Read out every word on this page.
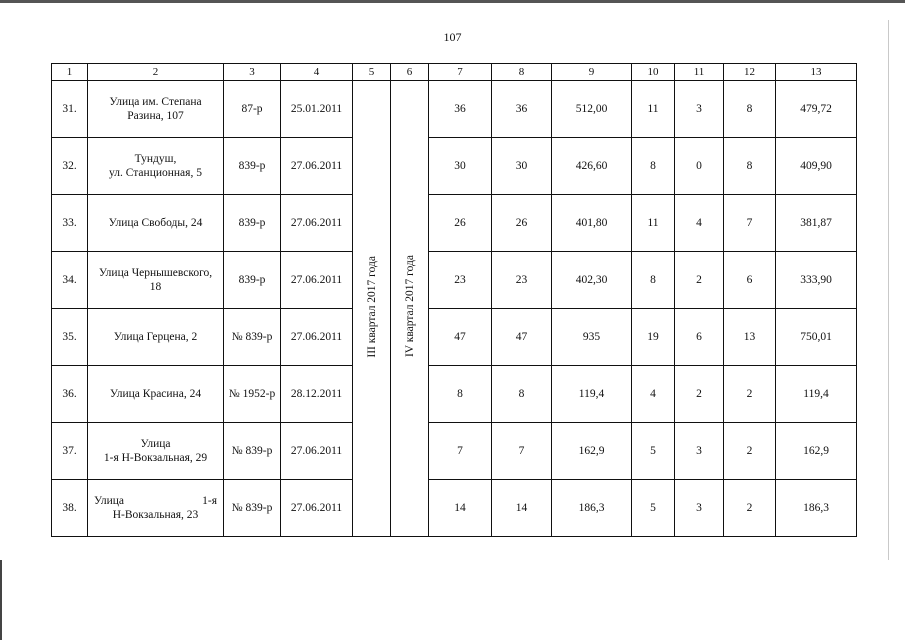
107
1	2	3	4	5	6	7	8	9	10	11	12	13
31.	Улица им. Степана
Разина, 107	87-р	25.01.2011	III квартал 2017 года	IV квартал 2017 года	36	36	512,00	11	3	8	479,72
32.	Тундуш,
ул. Станционная, 5	839-р	27.06.2011			30	30	426,60	8	0	8	409,90
33.	Улица Свободы, 24	839-р	27.06.2011			26	26	401,80	11	4	7	381,87
34.	Улица Чернышевского,
18	839-р	27.06.2011			23	23	402,30	8	2	6	333,90
35.	Улица Герцена, 2	№ 839-р	27.06.2011			47	47	935	19	6	13	750,01
36.	Улица Красина, 24	№ 1952-р	28.12.2011			8	8	119,4	4	2	2	119,4
37.	Улица
1-я Н-Вокзальная, 29	№ 839-р	27.06.2011			7	7	162,9	5	3	2	162,9
38.	Улица 1-я
Н-Вокзальная, 23	№ 839-р	27.06.2011			14	14	186,3	5	3	2	186,3
